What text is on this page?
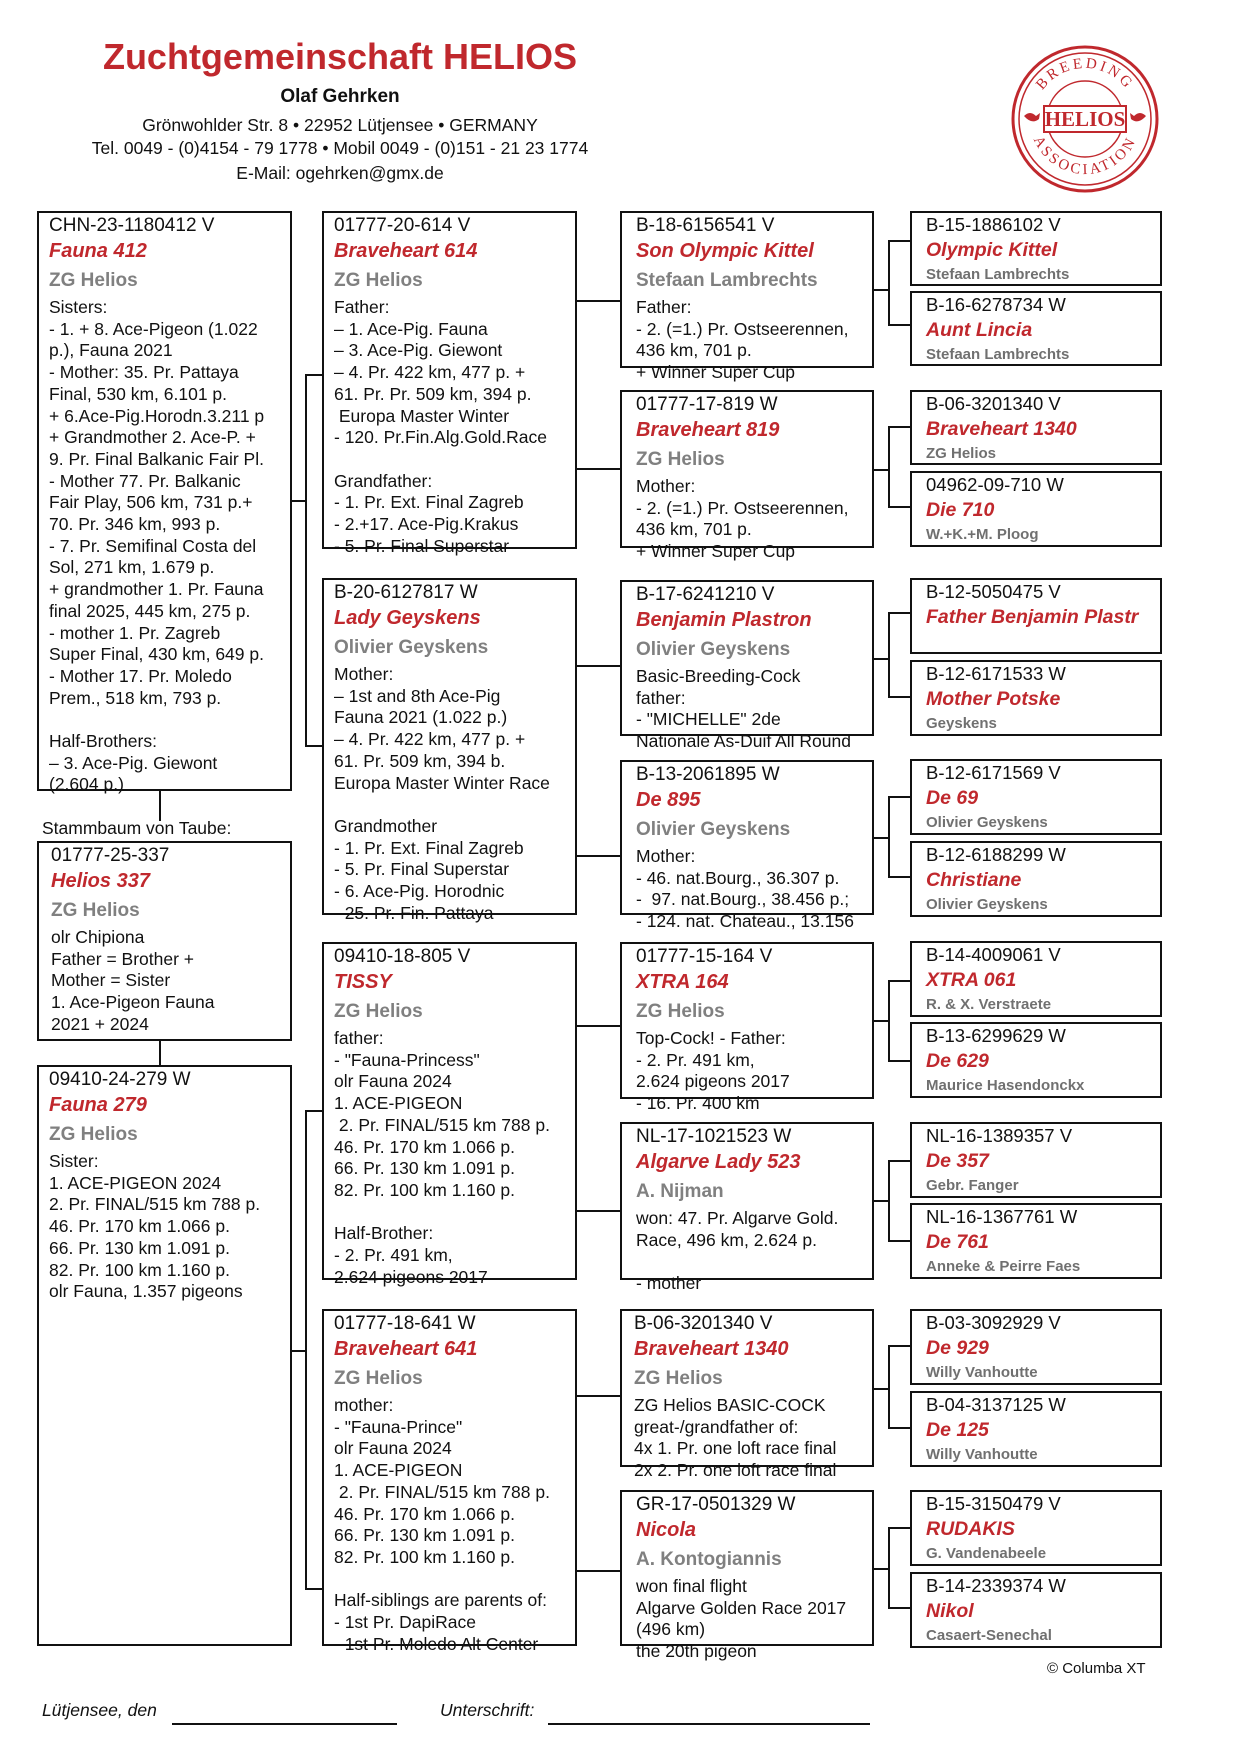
Zuchtgemeinschaft HELIOS
Olaf Gehrken
Grönwohlder Str. 8 • 22952 Lütjensee • GERMANY
Tel. 0049 - (0)4154 - 79 1778 • Mobil 0049 - (0)151 - 21 23 1774
E-Mail: ogehrken@gmx.de
BREEDING
ASSOCIATION
HELIOS
CHN-23-1180412 V
Fauna 412
ZG Helios
Sisters:
- 1. + 8. Ace-Pigeon (1.022
p.), Fauna 2021
- Mother: 35. Pr. Pattaya
Final, 530 km, 6.101 p.
+ 6.Ace-Pig.Horodn.3.211 p
+ Grandmother 2. Ace-P. +
9. Pr. Final Balkanic Fair Pl.
- Mother 77. Pr. Balkanic
Fair Play, 506 km, 731 p.+
70. Pr. 346 km, 993 p.
- 7. Pr. Semifinal Costa del
Sol, 271 km, 1.679 p.
+ grandmother 1. Pr. Fauna
final 2025, 445 km, 275 p.
- mother 1. Pr. Zagreb
Super Final, 430 km, 649 p.
- Mother 17. Pr. Moledo
Prem., 518 km, 793 p.

Half-Brothers:
– 3. Ace-Pig. Giewont
(2.604 p.)
Stammbaum von Taube:
01777-25-337
Helios 337
ZG Helios
olr Chipiona
Father = Brother +
Mother = Sister
1. Ace-Pigeon Fauna
2021 + 2024
09410-24-279 W
Fauna 279
ZG Helios
Sister:
1. ACE-PIGEON 2024
2. Pr. FINAL/515 km 788 p.
46. Pr. 170 km 1.066 p.
66. Pr. 130 km 1.091 p.
82. Pr. 100 km 1.160 p.
olr Fauna, 1.357 pigeons
01777-20-614 V
Braveheart 614
ZG Helios
Father:
– 1. Ace-Pig. Fauna
– 3. Ace-Pig. Giewont
– 4. Pr. 422 km, 477 p. +
61. Pr. Pr. 509 km, 394 p.
Europa Master Winter
- 120. Pr.Fin.Alg.Gold.Race

Grandfather:
- 1. Pr. Ext. Final Zagreb
- 2.+17. Ace-Pig.Krakus
- 5. Pr. Final Superstar
B-20-6127817 W
Lady Geyskens
Olivier Geyskens
Mother:
– 1st and 8th Ace-Pig
Fauna 2021 (1.022 p.)
– 4. Pr. 422 km, 477 p. +
61. Pr. 509 km, 394 b.
Europa Master Winter Race

Grandmother
- 1. Pr. Ext. Final Zagreb
- 5. Pr. Final Superstar
- 6. Ace-Pig. Horodnic
- 25. Pr. Fin. Pattaya
09410-18-805 V
TISSY
ZG Helios
father:
- "Fauna-Princess"
olr Fauna 2024
1. ACE-PIGEON
2. Pr. FINAL/515 km 788 p.
46. Pr. 170 km 1.066 p.
66. Pr. 130 km 1.091 p.
82. Pr. 100 km 1.160 p.

Half-Brother:
- 2. Pr. 491 km,
2.624 pigeons 2017
01777-18-641 W
Braveheart 641
ZG Helios
mother:
- "Fauna-Prince"
olr Fauna 2024
1. ACE-PIGEON
2. Pr. FINAL/515 km 788 p.
46. Pr. 170 km 1.066 p.
66. Pr. 130 km 1.091 p.
82. Pr. 100 km 1.160 p.

Half-siblings are parents of:
- 1st Pr. DapiRace
- 1st Pr. Moledo Alt Center
B-18-6156541 V
Son Olympic Kittel
Stefaan Lambrechts
Father:
- 2. (=1.) Pr. Ostseerennen,
436 km, 701 p.
+ Winner Super Cup
01777-17-819 W
Braveheart 819
ZG Helios
Mother:
- 2. (=1.) Pr. Ostseerennen,
436 km, 701 p.
+ Winner Super Cup
B-17-6241210 V
Benjamin Plastron
Olivier Geyskens
Basic-Breeding-Cock
father:
- "MICHELLE" 2de
Nationale As-Duif All Round
B-13-2061895 W
De 895
Olivier Geyskens
Mother:
- 46. nat.Bourg., 36.307 p.
-  97. nat.Bourg., 38.456 p.;
- 124. nat. Chateau., 13.156
01777-15-164 V
XTRA 164
ZG Helios
Top-Cock! - Father:
- 2. Pr. 491 km,
2.624 pigeons 2017
- 16. Pr. 400 km
NL-17-1021523 W
Algarve Lady 523
A. Nijman
won: 47. Pr. Algarve Gold.
Race, 496 km, 2.624 p.

- mother
B-06-3201340 V
Braveheart 1340
ZG Helios
ZG Helios BASIC-COCK
great-/grandfather of:
4x 1. Pr. one loft race final
2x 2. Pr. one loft race final
GR-17-0501329 W
Nicola
A. Kontogiannis
won final flight
Algarve Golden Race 2017
(496 km)
the 20th pigeon
B-15-1886102 V
Olympic Kittel
Stefaan Lambrechts
B-16-6278734 W
Aunt Lincia
Stefaan Lambrechts
B-06-3201340 V
Braveheart 1340
ZG Helios
04962-09-710 W
Die 710
W.+K.+M. Ploog
B-12-5050475 V
Father Benjamin Plastr
B-12-6171533 W
Mother Potske
Geyskens
B-12-6171569 V
De 69
Olivier Geyskens
B-12-6188299 W
Christiane
Olivier Geyskens
B-14-4009061 V
XTRA 061
R. & X. Verstraete
B-13-6299629 W
De 629
Maurice Hasendonckx
NL-16-1389357 V
De 357
Gebr. Fanger
NL-16-1367761 W
De 761
Anneke & Peirre Faes
B-03-3092929 V
De 929
Willy Vanhoutte
B-04-3137125 W
De 125
Willy Vanhoutte
B-15-3150479 V
RUDAKIS
G. Vandenabeele
B-14-2339374 W
Nikol
Casaert-Senechal
© Columba XT
Lütjensee, den	Unterschrift:
